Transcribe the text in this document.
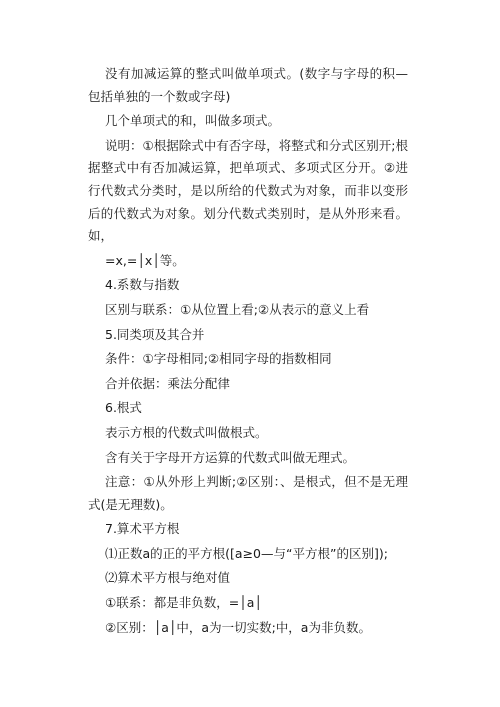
没有加减运算的整式叫做单项式。(数字与字母的积—包括单独的一个数或字母)

几个单项式的和，叫做多项式。

说明：①根据除式中有否字母，将整式和分式区别开;根据整式中有否加减运算，把单项式、多项式区分开。②进行代数式分类时，是以所给的代数式为对象，而非以变形后的代数式为对象。划分代数式类别时，是从外形来看。如，

=x,=│x│等。

4.系数与指数

区别与联系：①从位置上看;②从表示的意义上看

5.同类项及其合并

条件：①字母相同;②相同字母的指数相同

合并依据：乘法分配律

6.根式

表示方根的代数式叫做根式。

含有关于字母开方运算的代数式叫做无理式。

注意：①从外形上判断;②区别：、是根式，但不是无理式(是无理数)。

7.算术平方根

⑴正数a的正的平方根([a≥0—与“平方根”的区别]);

⑵算术平方根与绝对值

①联系：都是非负数，=│a│

②区别：│a│中，a为一切实数;中，a为非负数。
